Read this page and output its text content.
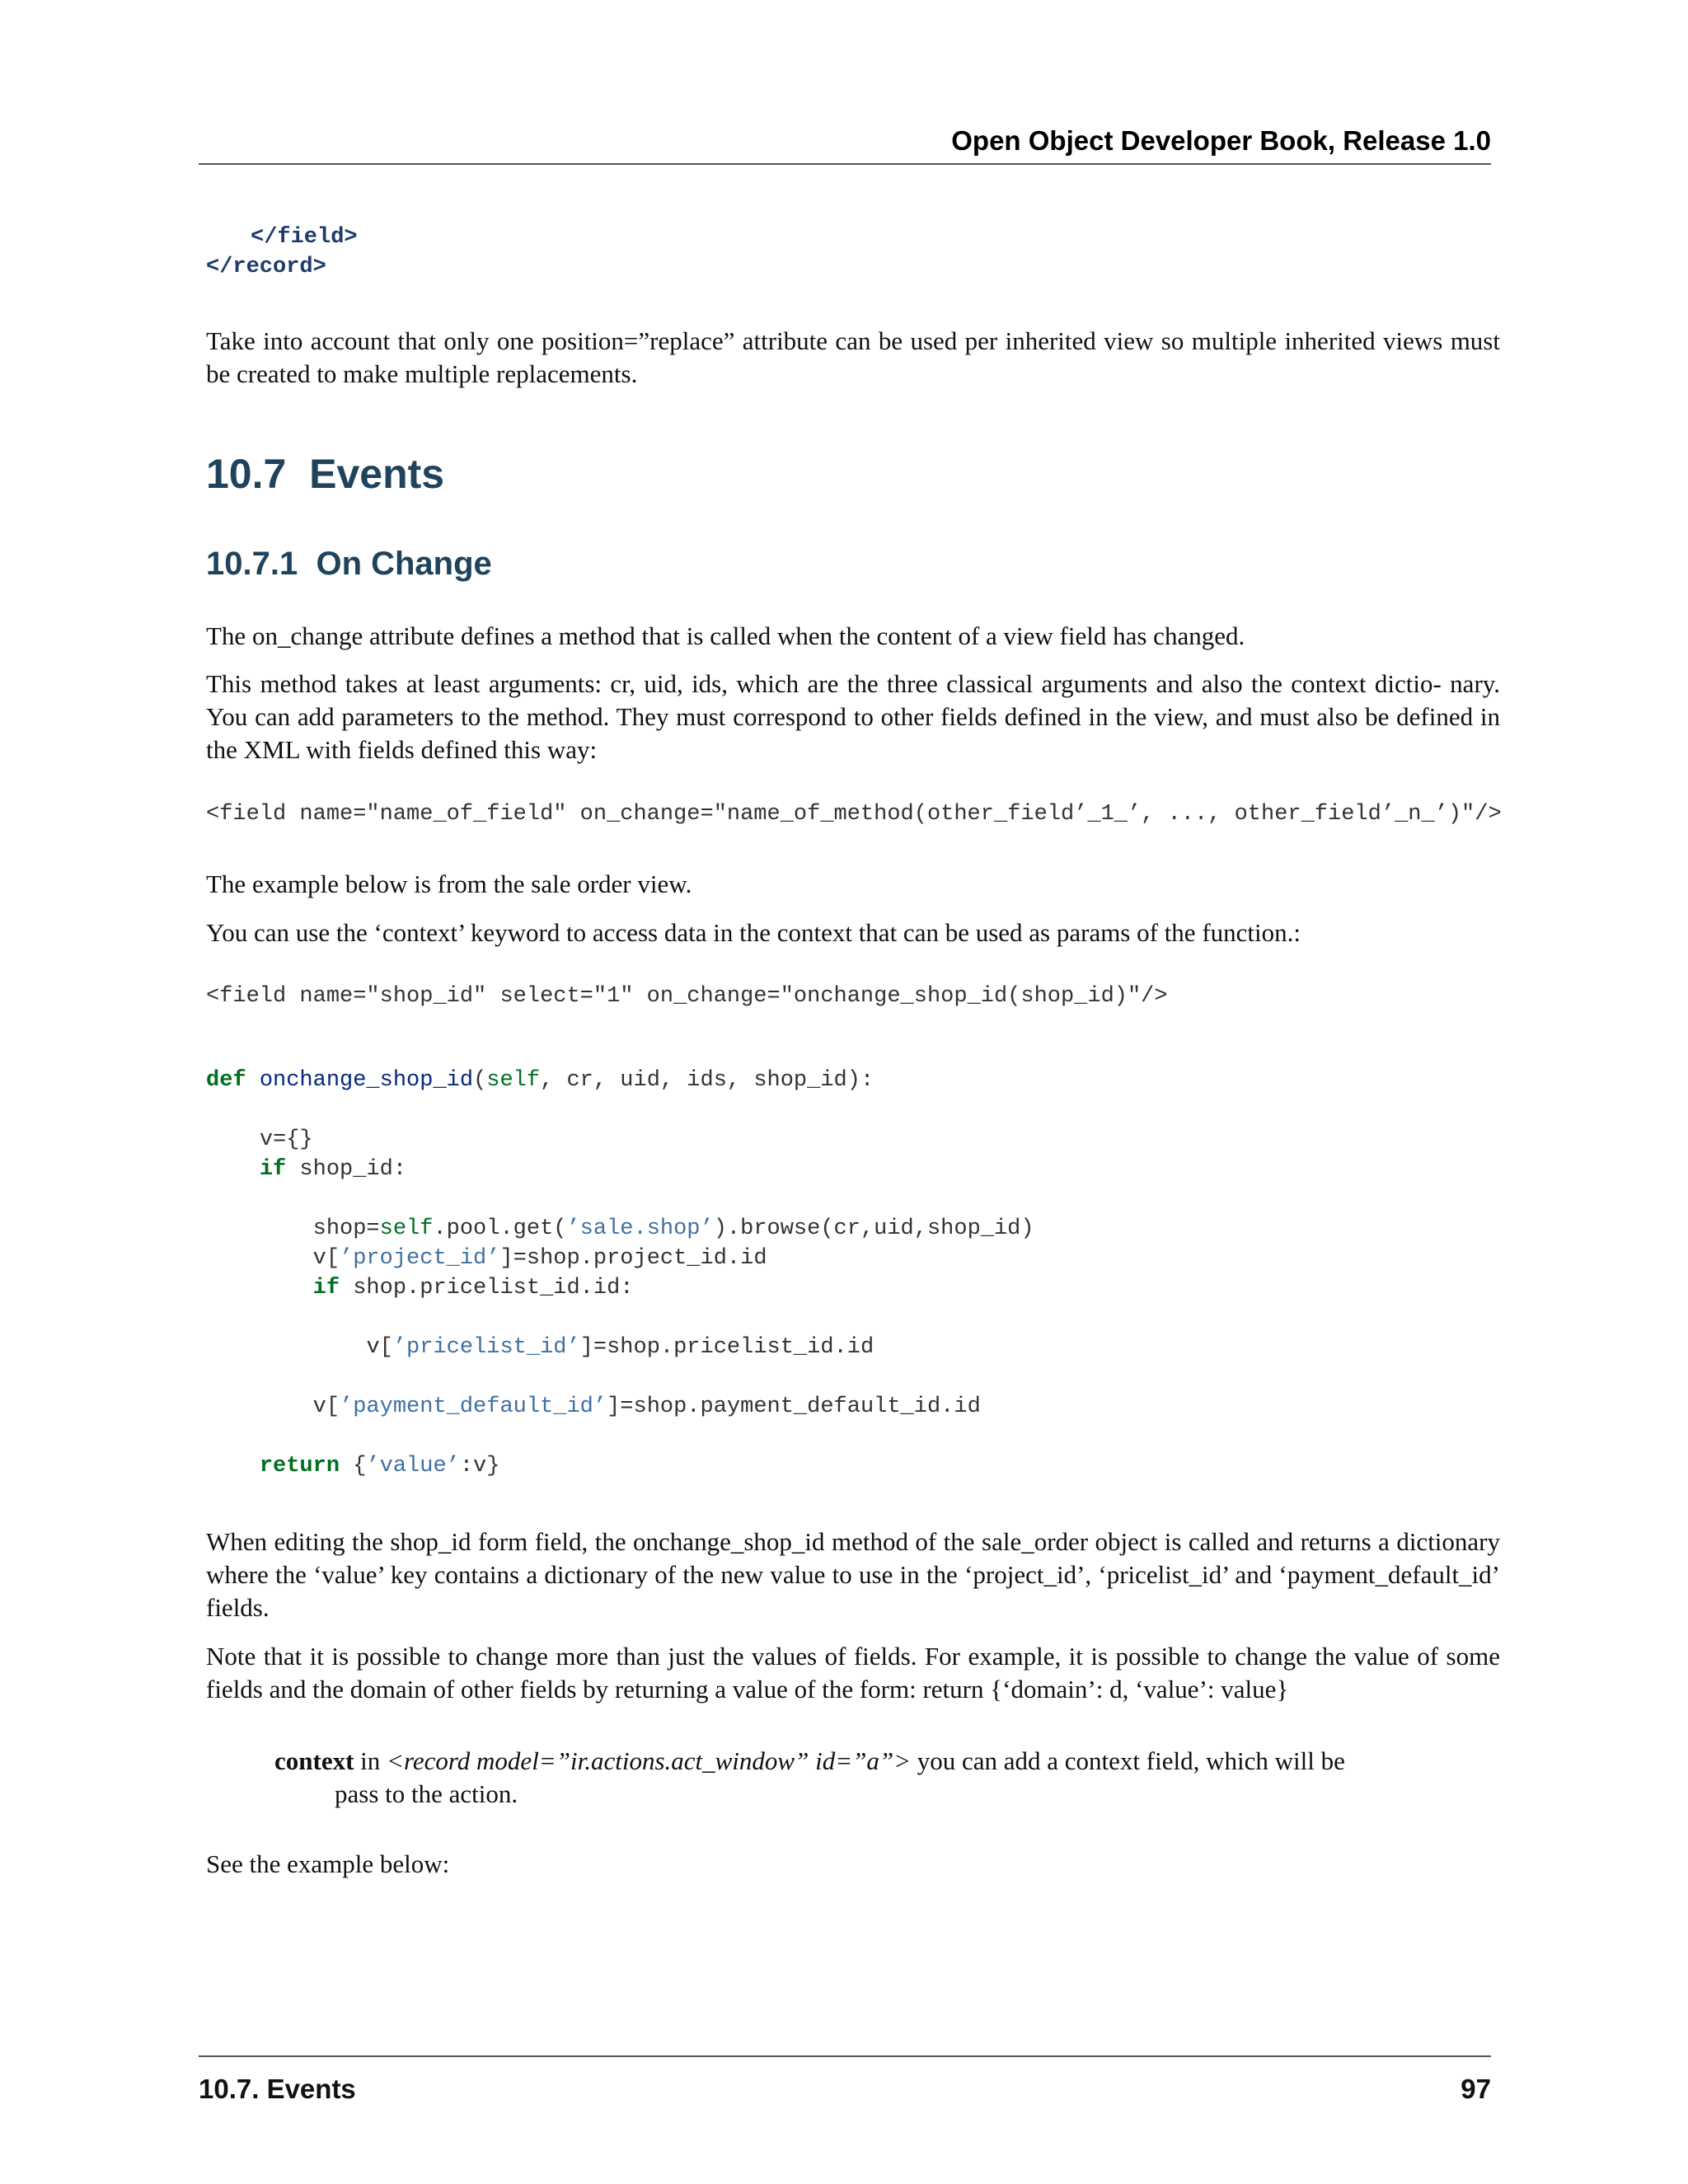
Open Object Developer Book, Release 1.0
</field>
</record>
Take into account that only one position=”replace” attribute can be used per inherited view so multiple inherited views must be created to make multiple replacements.
10.7 Events
10.7.1 On Change
The on_change attribute defines a method that is called when the content of a view field has changed.
This method takes at least arguments: cr, uid, ids, which are the three classical arguments and also the context dictio- nary. You can add parameters to the method. They must correspond to other fields defined in the view, and must also be defined in the XML with fields defined this way:
<field name="name_of_field" on_change="name_of_method(other_field’_1_’, ..., other_field’_n_’)"/>
The example below is from the sale order view.
You can use the ‘context’ keyword to access data in the context that can be used as params of the function.:
<field name="shop_id" select="1" on_change="onchange_shop_id(shop_id)"/>
def onchange_shop_id(self, cr, uid, ids, shop_id):

v={}
if shop_id:

shop=self.pool.get(’sale.shop’).browse(cr,uid,shop_id)
v[’project_id’]=shop.project_id.id
if shop.pricelist_id.id:

v[’pricelist_id’]=shop.pricelist_id.id

v[’payment_default_id’]=shop.payment_default_id.id

return {’value’:v}
When editing the shop_id form field, the onchange_shop_id method of the sale_order object is called and returns a dictionary where the ‘value’ key contains a dictionary of the new value to use in the ‘project_id’, ‘pricelist_id’ and ‘payment_default_id’ fields.
Note that it is possible to change more than just the values of fields. For example, it is possible to change the value of some fields and the domain of other fields by returning a value of the form: return {‘domain’: d, ‘value’: value}
context in <record model=”ir.actions.act_window” id=”a”> you can add a context field, which will be
pass to the action.
See the example below:
10.7. Events	97
